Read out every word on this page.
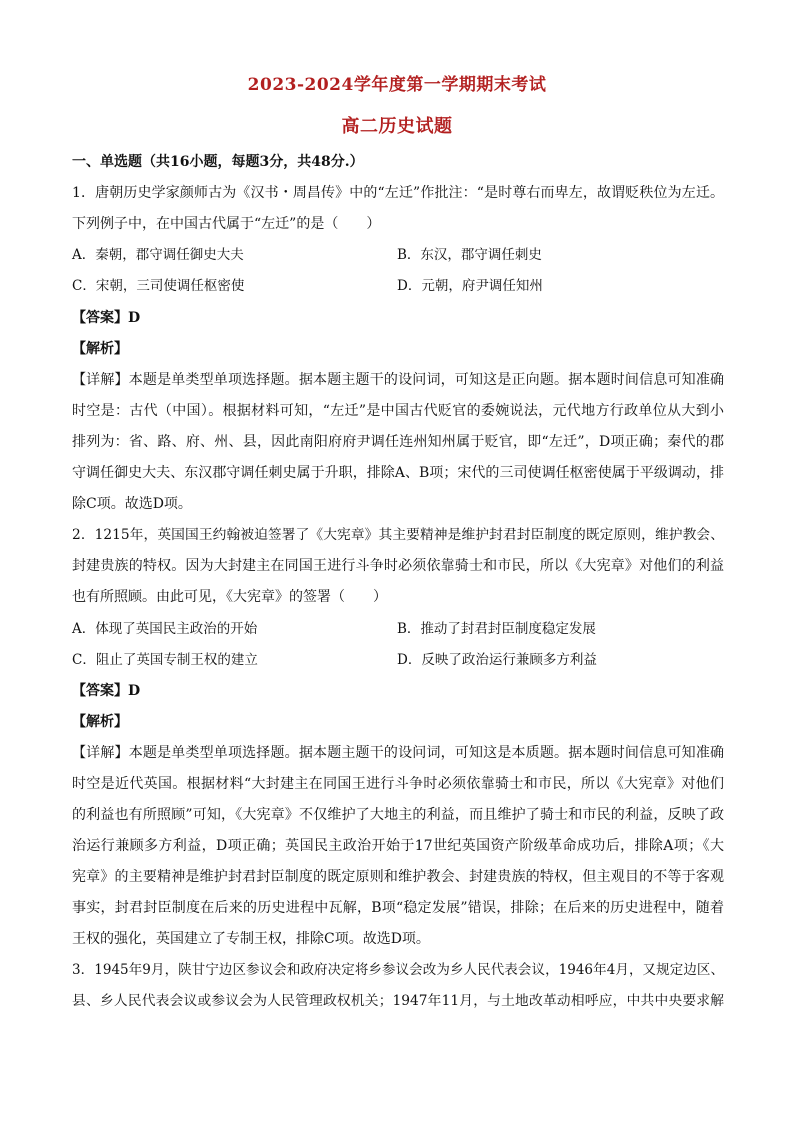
2023-2024学年度第一学期期末考试
高二历史试题
一、单选题（共16小题，每题3分，共48分.）
1．唐朝历史学家颜师古为《汉书・周昌传》中的“左迁”作批注：“是时尊右而卑左，故谓贬秩位为左迁。
下列例子中，在中国古代属于“左迁”的是（　　）
A．秦朝，郡守调任御史大夫	B．东汉，郡守调任刺史
C．宋朝，三司使调任枢密使	D．元朝，府尹调任知州
【答案】D
【解析】
【详解】本题是单类型单项选择题。据本题主题干的设问词，可知这是正向题。据本题时间信息可知准确
时空是：古代（中国）。根据材料可知，“左迁”是中国古代贬官的委婉说法，元代地方行政单位从大到小
排列为：省、路、府、州、县，因此南阳府府尹调任连州知州属于贬官，即“左迁”，D项正确；秦代的郡
守调任御史大夫、东汉郡守调任刺史属于升职，排除A、B项；宋代的三司使调任枢密使属于平级调动，排
除C项。故选D项。
2．1215年，英国国王约翰被迫签署了《大宪章》其主要精神是维护封君封臣制度的既定原则，维护教会、
封建贵族的特权。因为大封建主在同国王进行斗争时必须依靠骑士和市民，所以《大宪章》对他们的利益
也有所照顾。由此可见，《大宪章》的签署（　　）
A．体现了英国民主政治的开始	B．推动了封君封臣制度稳定发展
C．阻止了英国专制王权的建立	D．反映了政治运行兼顾多方利益
【答案】D
【解析】
【详解】本题是单类型单项选择题。据本题主题干的设问词，可知这是本质题。据本题时间信息可知准确
时空是近代英国。根据材料“大封建主在同国王进行斗争时必须依靠骑士和市民，所以《大宪章》对他们
的利益也有所照顾”可知，《大宪章》不仅维护了大地主的利益，而且维护了骑士和市民的利益，反映了政
治运行兼顾多方利益，D项正确；英国民主政治开始于17世纪英国资产阶级革命成功后，排除A项；《大
宪章》的主要精神是维护封君封臣制度的既定原则和维护教会、封建贵族的特权，但主观目的不等于客观
事实，封君封臣制度在后来的历史进程中瓦解，B项“稳定发展”错误，排除；在后来的历史进程中，随着
王权的强化，英国建立了专制王权，排除C项。故选D项。
3．1945年9月，陕甘宁边区参议会和政府决定将乡参议会改为乡人民代表会议，1946年4月，又规定边区、
县、乡人民代表会议或参议会为人民管理政权机关；1947年11月，与土地改革动相呼应，中共中央要求解
